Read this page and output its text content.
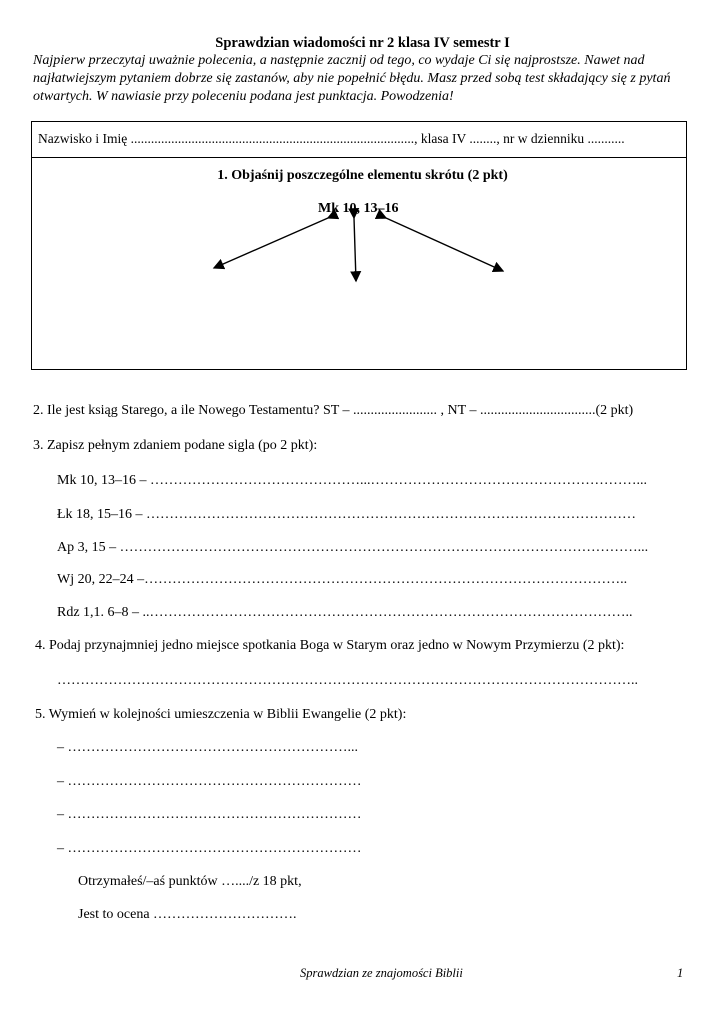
Sprawdzian wiadomości nr 2 klasa IV semestr I
Najpierw przeczytaj uważnie polecenia, a następnie zacznij od tego, co wydaje Ci się najprostsze. Nawet nad najłatwiejszym pytaniem dobrze się zastanów, aby nie popełnić błędu. Masz przed sobą test składający się z pytań otwartych. W nawiasie przy poleceniu podana jest punktacja. Powodzenia!
Nazwisko i Imię ...................................................................................., klasa IV ........, nr w dzienniku ...........
1. Objaśnij poszczególne elementu skrótu (2 pkt)
Mk 10, 13–16
2. Ile jest ksiąg Starego, a ile Nowego Testamentu? ST – ........................ , NT – .................................(2 pkt)
3. Zapisz pełnym zdaniem podane sigla (po 2 pkt):
Mk 10, 13–16 – ………………………………………...…………………………………………………...
Łk 18, 15–16 – ……………………………………………………………………………………………
Ap 3, 15 – …………………………………………………………………………………………………...
Wj 20, 22–24 –…………………………………………………………………………………………..
Rdz 1,1. 6–8 – ..…………………………………………………………………………………………..
4. Podaj przynajmniej jedno miejsce spotkania Boga w Starym oraz jedno w Nowym Przymierzu (2 pkt):
……………………………………………………………………………………………………………..
5. Wymień w kolejności umieszczenia w Biblii Ewangelie (2 pkt):
– ……………………………………………………...
– ………………………………………………………
– ………………………………………………………
– ………………………………………………………
Otrzymałeś/–aś punktów …..../z 18 pkt,
Jest to ocena ………………………….
Sprawdzian ze znajomości Biblii	1
